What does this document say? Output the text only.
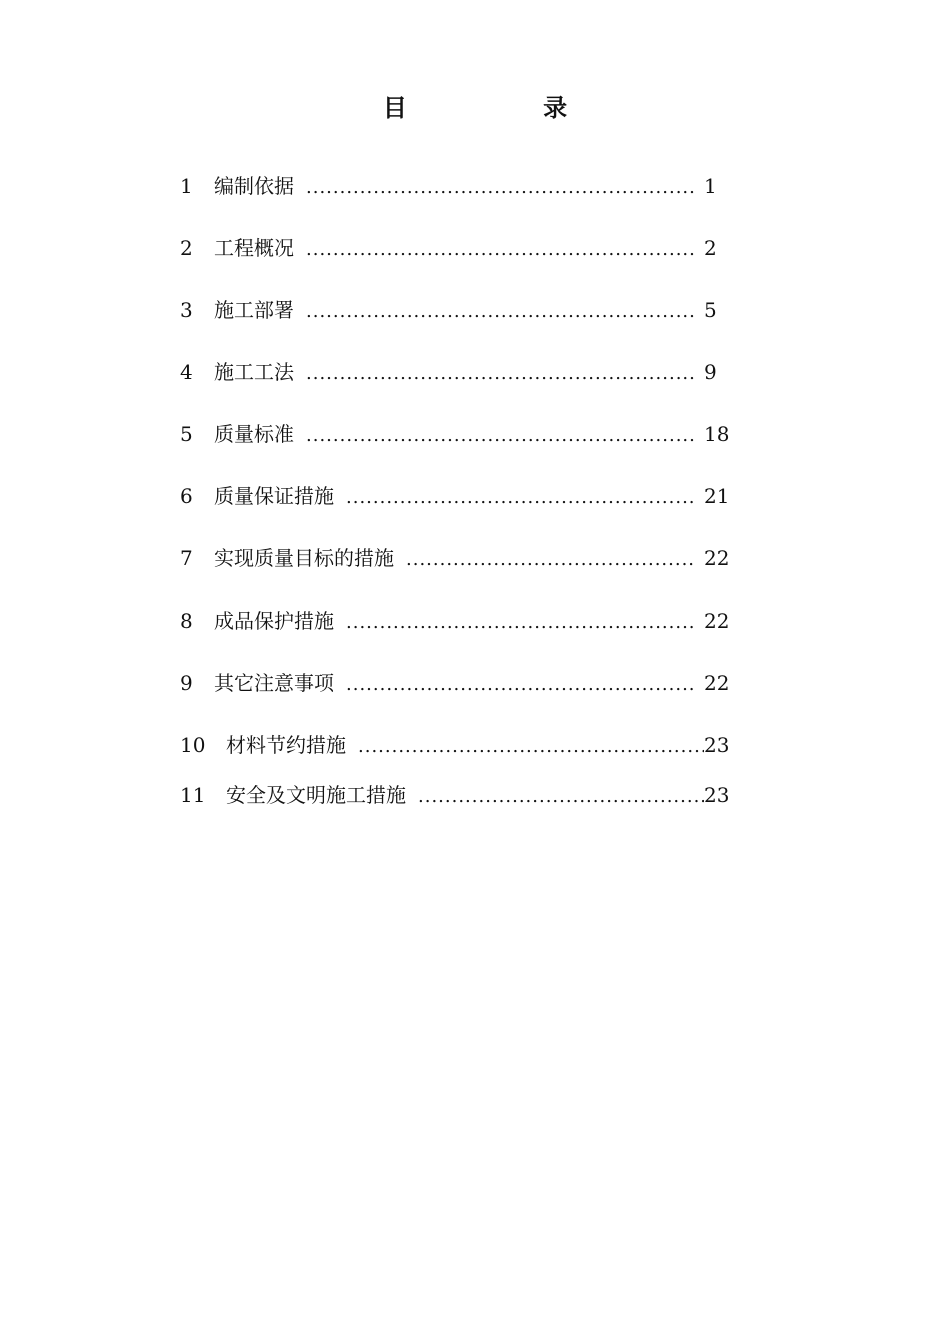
目 录
1	编制依据 .....	1
2	工程概况 .....	2
3	施工部署 .....	5
4	施工工法 .....	9
5	质量标准 .....	18
6	质量保证措施 .....	21
7	实现质量目标的措施 .....	22
8	成品保护措施 .....	22
9	其它注意事项 .....	22
10	材料节约措施 .....	23
11	安全及文明施工措施 .....	23
